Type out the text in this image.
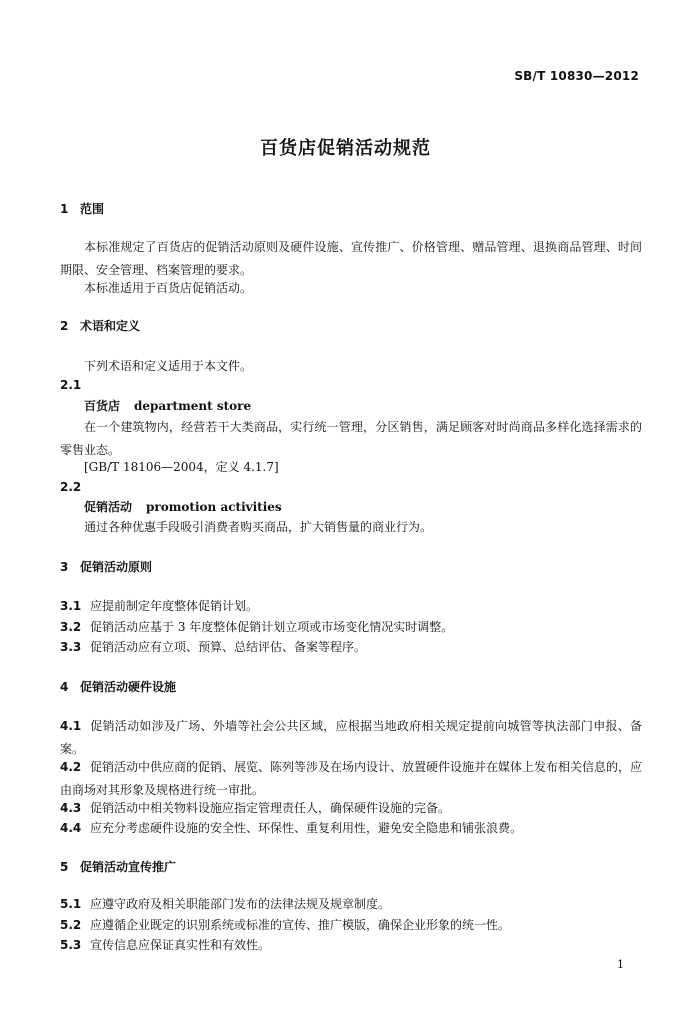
SB/T 10830—2012
百货店促销活动规范
1 范围
本标准规定了百货店的促销活动原则及硬件设施、宣传推广、价格管理、赠品管理、退换商品管理、时间期限、安全管理、档案管理的要求。
本标准适用于百货店促销活动。
2 术语和定义
下列术语和定义适用于本文件。
2.1
百货店 department store
在一个建筑物内，经营若干大类商品，实行统一管理，分区销售，满足顾客对时尚商品多样化选择需求的零售业态。
[GB/T 18106—2004，定义 4.1.7]
2.2
促销活动 promotion activities
通过各种优惠手段吸引消费者购买商品，扩大销售量的商业行为。
3 促销活动原则
3.1 应提前制定年度整体促销计划。
3.2 促销活动应基于 3 年度整体促销计划立项或市场变化情况实时调整。
3.3 促销活动应有立项、预算、总结评估、备案等程序。
4 促销活动硬件设施
4.1 促销活动如涉及广场、外墙等社会公共区域，应根据当地政府相关规定提前向城管等执法部门申报、备案。
4.2 促销活动中供应商的促销、展览、陈列等涉及在场内设计、放置硬件设施并在媒体上发布相关信息的，应由商场对其形象及规格进行统一审批。
4.3 促销活动中相关物料设施应指定管理责任人，确保硬件设施的完备。
4.4 应充分考虑硬件设施的安全性、环保性、重复利用性，避免安全隐患和铺张浪费。
5 促销活动宣传推广
5.1 应遵守政府及相关职能部门发布的法律法规及规章制度。
5.2 应遵循企业既定的识别系统或标准的宣传、推广模版，确保企业形象的统一性。
5.3 宣传信息应保证真实性和有效性。
1
